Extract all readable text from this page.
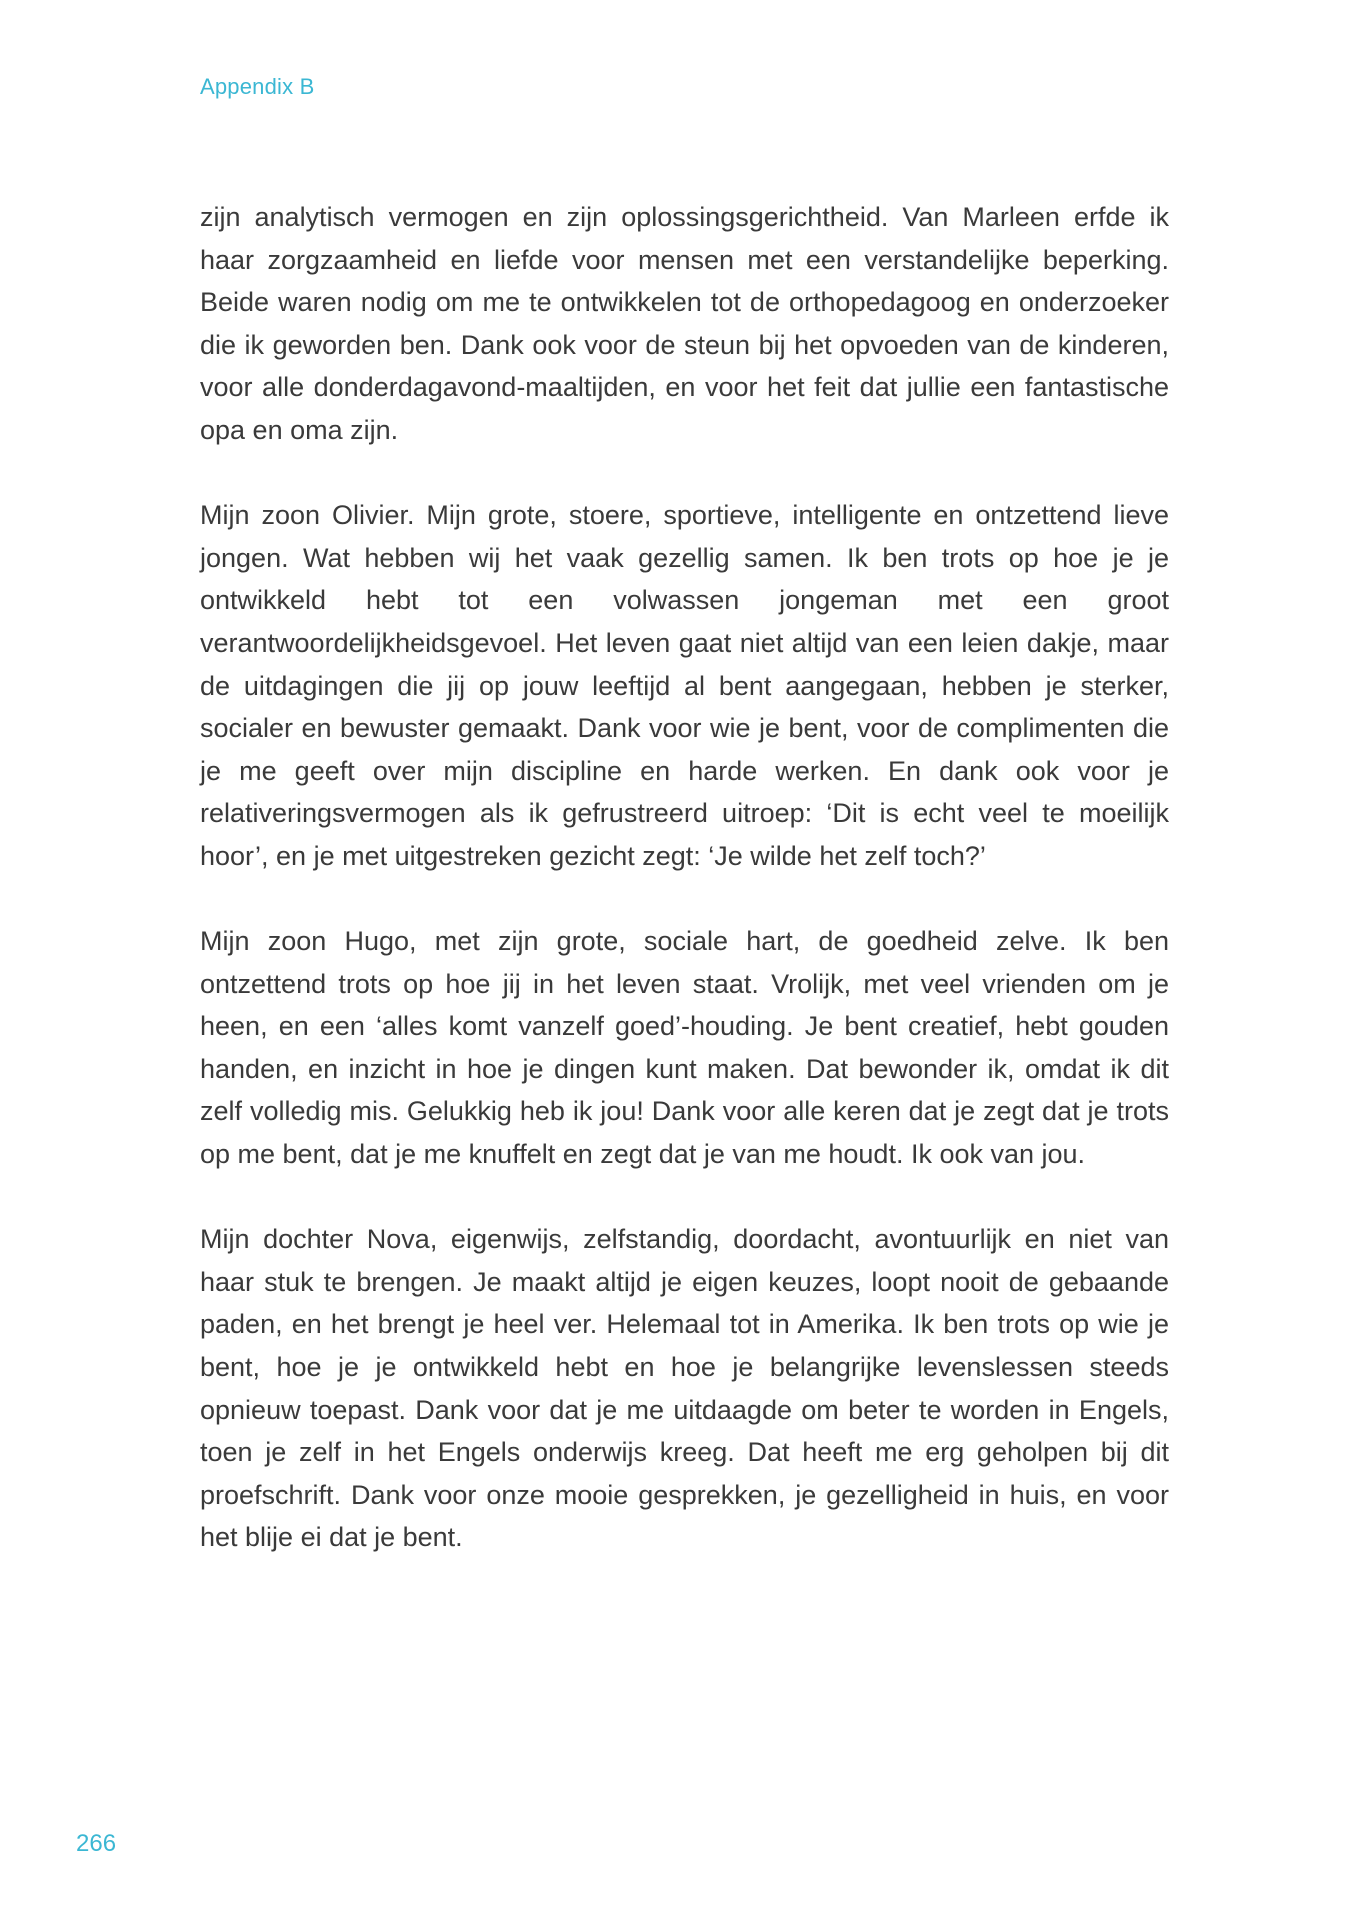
Appendix B

zijn analytisch vermogen en zijn oplossingsgerichtheid. Van Marleen erfde ik haar zorgzaamheid en liefde voor mensen met een verstandelijke beperking. Beide waren nodig om me te ontwikkelen tot de orthopedagoog en onderzoeker die ik geworden ben. Dank ook voor de steun bij het opvoeden van de kinderen, voor alle donderdagavond-maaltijden, en voor het feit dat jullie een fantastische opa en oma zijn.

Mijn zoon Olivier. Mijn grote, stoere, sportieve, intelligente en ontzettend lieve jongen. Wat hebben wij het vaak gezellig samen. Ik ben trots op hoe je je ontwikkeld hebt tot een volwassen jongeman met een groot verantwoordelijkheidsgevoel. Het leven gaat niet altijd van een leien dakje, maar de uitdagingen die jij op jouw leeftijd al bent aangegaan, hebben je sterker, socialer en bewuster gemaakt. Dank voor wie je bent, voor de complimenten die je me geeft over mijn discipline en harde werken. En dank ook voor je relativeringsvermogen als ik gefrustreerd uitroep: ‘Dit is echt veel te moeilijk hoor’, en je met uitgestreken gezicht zegt: ‘Je wilde het zelf toch?’

Mijn zoon Hugo, met zijn grote, sociale hart, de goedheid zelve. Ik ben ontzettend trots op hoe jij in het leven staat. Vrolijk, met veel vrienden om je heen, en een ‘alles komt vanzelf goed’-houding. Je bent creatief, hebt gouden handen, en inzicht in hoe je dingen kunt maken. Dat bewonder ik, omdat ik dit zelf volledig mis. Gelukkig heb ik jou! Dank voor alle keren dat je zegt dat je trots op me bent, dat je me knuffelt en zegt dat je van me houdt. Ik ook van jou.

Mijn dochter Nova, eigenwijs, zelfstandig, doordacht, avontuurlijk en niet van haar stuk te brengen. Je maakt altijd je eigen keuzes, loopt nooit de gebaande paden, en het brengt je heel ver. Helemaal tot in Amerika. Ik ben trots op wie je bent, hoe je je ontwikkeld hebt en hoe je belangrijke levenslessen steeds opnieuw toepast. Dank voor dat je me uitdaagde om beter te worden in Engels, toen je zelf in het Engels onderwijs kreeg. Dat heeft me erg geholpen bij dit proefschrift. Dank voor onze mooie gesprekken, je gezelligheid in huis, en voor het blije ei dat je bent.

266
